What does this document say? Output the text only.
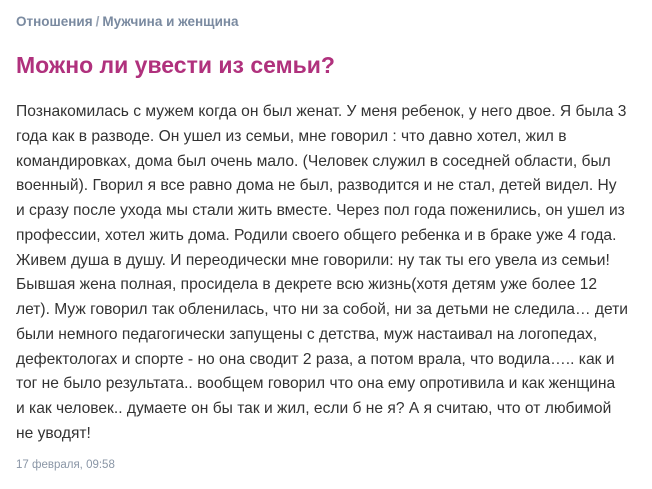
Отношения / Мужчина и женщина
Можно ли увести из семьи?

Познакомилась с мужем когда он был женат. У меня ребенок, у него двое. Я была 3 года как в разводе. Он ушел из семьи, мне говорил : что давно хотел, жил в командировках, дома был очень мало. (Человек служил в соседней области, был военный). Гворил я все равно дома не был, разводится и не стал, детей видел. Ну и сразу после ухода мы стали жить вместе. Через пол года поженились, он ушел из профессии, хотел жить дома. Родили своего общего ребенка и в браке уже 4 года. Живем душа в душу. И переодически мне говорили: ну так ты его увела из семьи! Бывшая жена полная, просидела в декрете всю жизнь(хотя детям уже более 12 лет). Муж говорил так обленилась, что ни за собой, ни за детьми не следила… дети были немного педагогически запущены с детства, муж настаивал на логопедах, дефектологах и спорте - но она сводит 2 раза, а потом врала, что водила….. как и тог не было результата.. вообщем говорил что она ему опротивила и как женщина и как человек.. думаете он бы так и жил, если б не я? А я считаю, что от любимой не уводят!

17 февраля, 09:58
